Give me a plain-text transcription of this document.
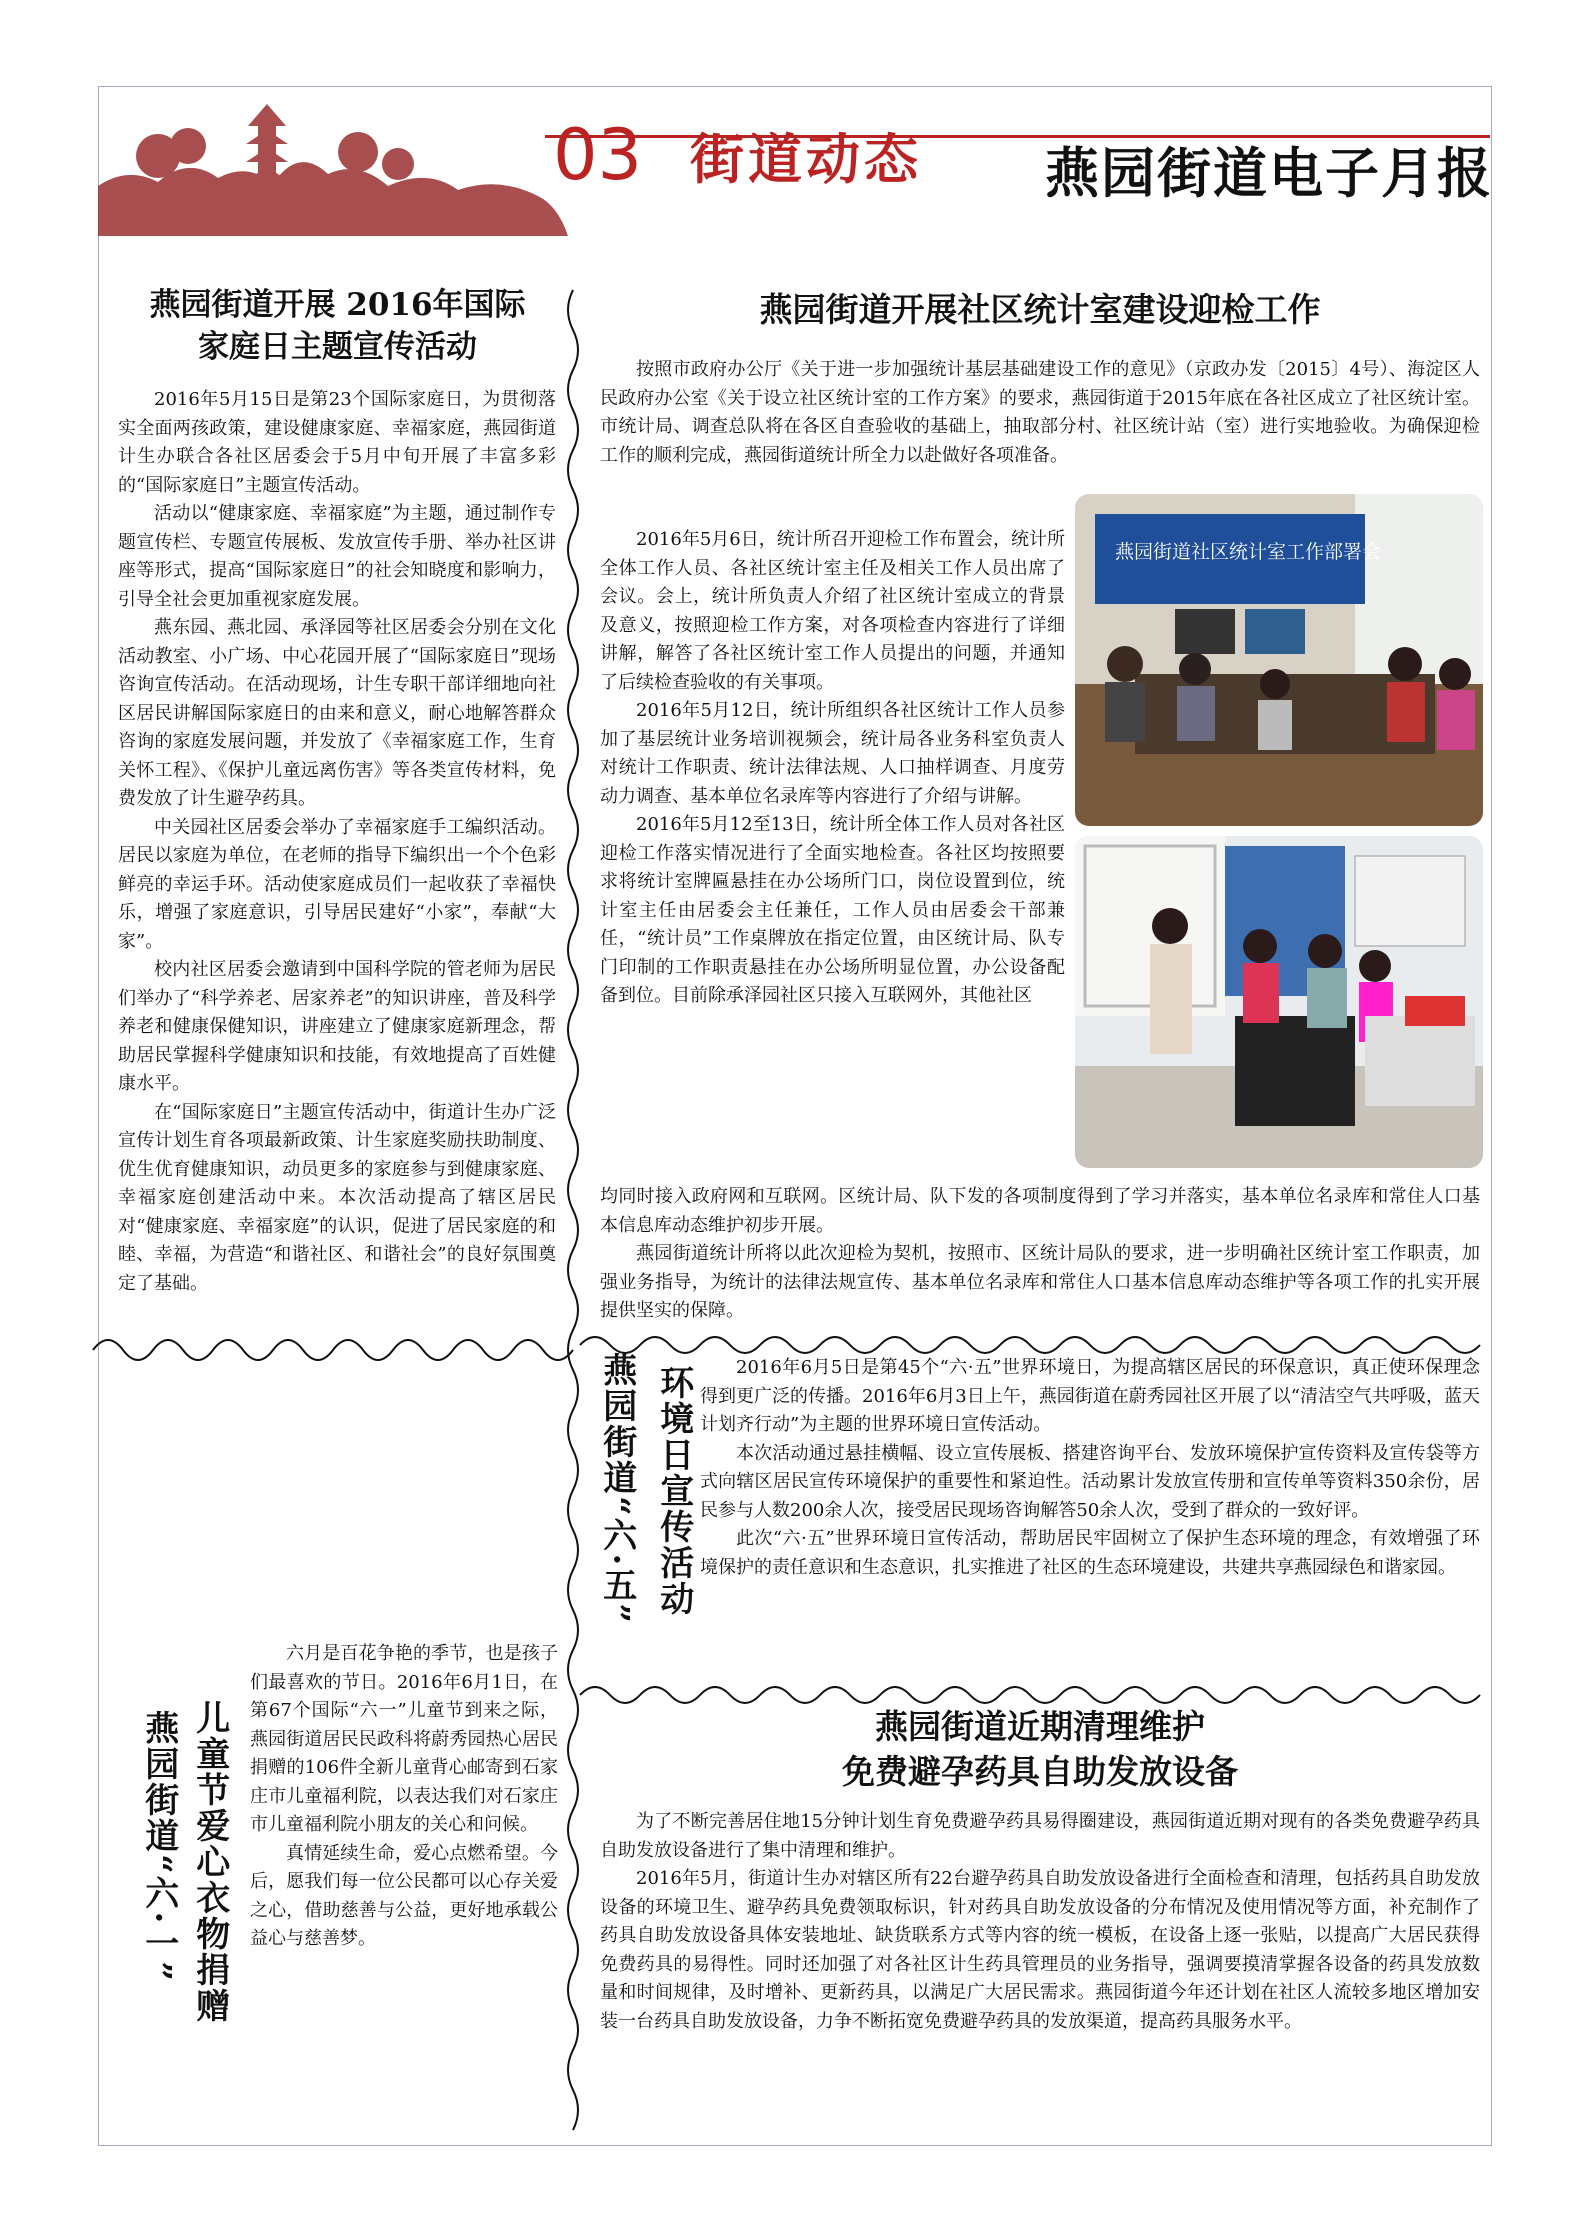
03 街道动态 燕园街道电子月报
燕园街道开展 2016年国际
家庭日主题宣传活动

2016年5月15日是第23个国际家庭日，为贯彻落实全面两孩政策，建设健康家庭、幸福家庭，燕园街道计生办联合各社区居委会于5月中旬开展了丰富多彩的“国际家庭日”主题宣传活动。

活动以“健康家庭、幸福家庭”为主题，通过制作专题宣传栏、专题宣传展板、发放宣传手册、举办社区讲座等形式，提高“国际家庭日”的社会知晓度和影响力，引导全社会更加重视家庭发展。

燕东园、燕北园、承泽园等社区居委会分别在文化活动教室、小广场、中心花园开展了“国际家庭日”现场咨询宣传活动。在活动现场，计生专职干部详细地向社区居民讲解国际家庭日的由来和意义，耐心地解答群众咨询的家庭发展问题，并发放了《幸福家庭工作，生育关怀工程》、《保护儿童远离伤害》等各类宣传材料，免费发放了计生避孕药具。

中关园社区居委会举办了幸福家庭手工编织活动。居民以家庭为单位，在老师的指导下编织出一个个色彩鲜亮的幸运手环。活动使家庭成员们一起收获了幸福快乐，增强了家庭意识，引导居民建好“小家”，奉献“大家”。

校内社区居委会邀请到中国科学院的管老师为居民们举办了“科学养老、居家养老”的知识讲座，普及科学养老和健康保健知识，讲座建立了健康家庭新理念，帮助居民掌握科学健康知识和技能，有效地提高了百姓健康水平。

在“国际家庭日”主题宣传活动中，街道计生办广泛宣传计划生育各项最新政策、计生家庭奖励扶助制度、优生优育健康知识，动员更多的家庭参与到健康家庭、幸福家庭创建活动中来。本次活动提高了辖区居民对“健康家庭、幸福家庭”的认识，促进了居民家庭的和睦、幸福，为营造“和谐社区、和谐社会”的良好氛围奠定了基础。

燕园街道开展社区统计室建设迎检工作

按照市政府办公厅《关于进一步加强统计基层基础建设工作的意见》（京政办发〔2015〕4号）、海淀区人民政府办公室《关于设立社区统计室的工作方案》的要求，燕园街道于2015年底在各社区成立了社区统计室。市统计局、调查总队将在各区自查验收的基础上，抽取部分村、社区统计站（室）进行实地验收。为确保迎检工作的顺利完成，燕园街道统计所全力以赴做好各项准备。

2016年5月6日，统计所召开迎检工作布置会，统计所全体工作人员、各社区统计室主任及相关工作人员出席了会议。会上，统计所负责人介绍了社区统计室成立的背景及意义，按照迎检工作方案，对各项检查内容进行了详细讲解，解答了各社区统计室工作人员提出的问题，并通知了后续检查验收的有关事项。

2016年5月12日，统计所组织各社区统计工作人员参加了基层统计业务培训视频会，统计局各业务科室负责人对统计工作职责、统计法律法规、人口抽样调查、月度劳动力调查、基本单位名录库等内容进行了介绍与讲解。

2016年5月12至13日，统计所全体工作人员对各社区迎检工作落实情况进行了全面实地检查。各社区均按照要求将统计室牌匾悬挂在办公场所门口，岗位设置到位，统计室主任由居委会主任兼任，工作人员由居委会干部兼任，“统计员”工作桌牌放在指定位置，由区统计局、队专门印制的工作职责悬挂在办公场所明显位置，办公设备配备到位。目前除承泽园社区只接入互联网外，其他社区

均同时接入政府网和互联网。区统计局、队下发的各项制度得到了学习并落实，基本单位名录库和常住人口基本信息库动态维护初步开展。

燕园街道统计所将以此次迎检为契机，按照市、区统计局队的要求，进一步明确社区统计室工作职责，加强业务指导，为统计的法律法规宣传、基本单位名录库和常住人口基本信息库动态维护等各项工作的扎实开展提供坚实的保障。

燕园街道社区统计室工作部署会
环境日宣传活动
燕园街道“六·五”	2016年6月5日是第45个“六·五”世界环境日，为提高辖区居民的环保意识，真正使环保理念得到更广泛的传播。2016年6月3日上午，燕园街道在蔚秀园社区开展了以“清洁空气共呼吸，蓝天计划齐行动”为主题的世界环境日宣传活动。

本次活动通过悬挂横幅、设立宣传展板、搭建咨询平台、发放环境保护宣传资料及宣传袋等方式向辖区居民宣传环境保护的重要性和紧迫性。活动累计发放宣传册和宣传单等资料350余份，居民参与人数200余人次，接受居民现场咨询解答50余人次，受到了群众的一致好评。

此次“六·五”世界环境日宣传活动，帮助居民牢固树立了保护生态环境的理念，有效增强了环境保护的责任意识和生态意识，扎实推进了社区的生态环境建设，共建共享燕园绿色和谐家园。

儿童节爱心衣物捐赠
燕园街道“六·一”

六月是百花争艳的季节，也是孩子们最喜欢的节日。2016年6月1日，在第67个国际“六一”儿童节到来之际，燕园街道居民民政科将蔚秀园热心居民捐赠的106件全新儿童背心邮寄到石家庄市儿童福利院，以表达我们对石家庄市儿童福利院小朋友的关心和问候。

真情延续生命，爱心点燃希望。今后，愿我们每一位公民都可以心存关爱之心，借助慈善与公益，更好地承载公益心与慈善梦。

燕园街道近期清理维护
免费避孕药具自助发放设备

为了不断完善居住地15分钟计划生育免费避孕药具易得圈建设，燕园街道近期对现有的各类免费避孕药具自助发放设备进行了集中清理和维护。

2016年5月，街道计生办对辖区所有22台避孕药具自助发放设备进行全面检查和清理，包括药具自助发放设备的环境卫生、避孕药具免费领取标识，针对药具自助发放设备的分布情况及使用情况等方面，补充制作了药具自助发放设备具体安装地址、缺货联系方式等内容的统一模板，在设备上逐一张贴，以提高广大居民获得免费药具的易得性。同时还加强了对各社区计生药具管理员的业务指导，强调要摸清掌握各设备的药具发放数量和时间规律，及时增补、更新药具，以满足广大居民需求。燕园街道今年还计划在社区人流较多地区增加安装一台药具自助发放设备，力争不断拓宽免费避孕药具的发放渠道，提高药具服务水平。
